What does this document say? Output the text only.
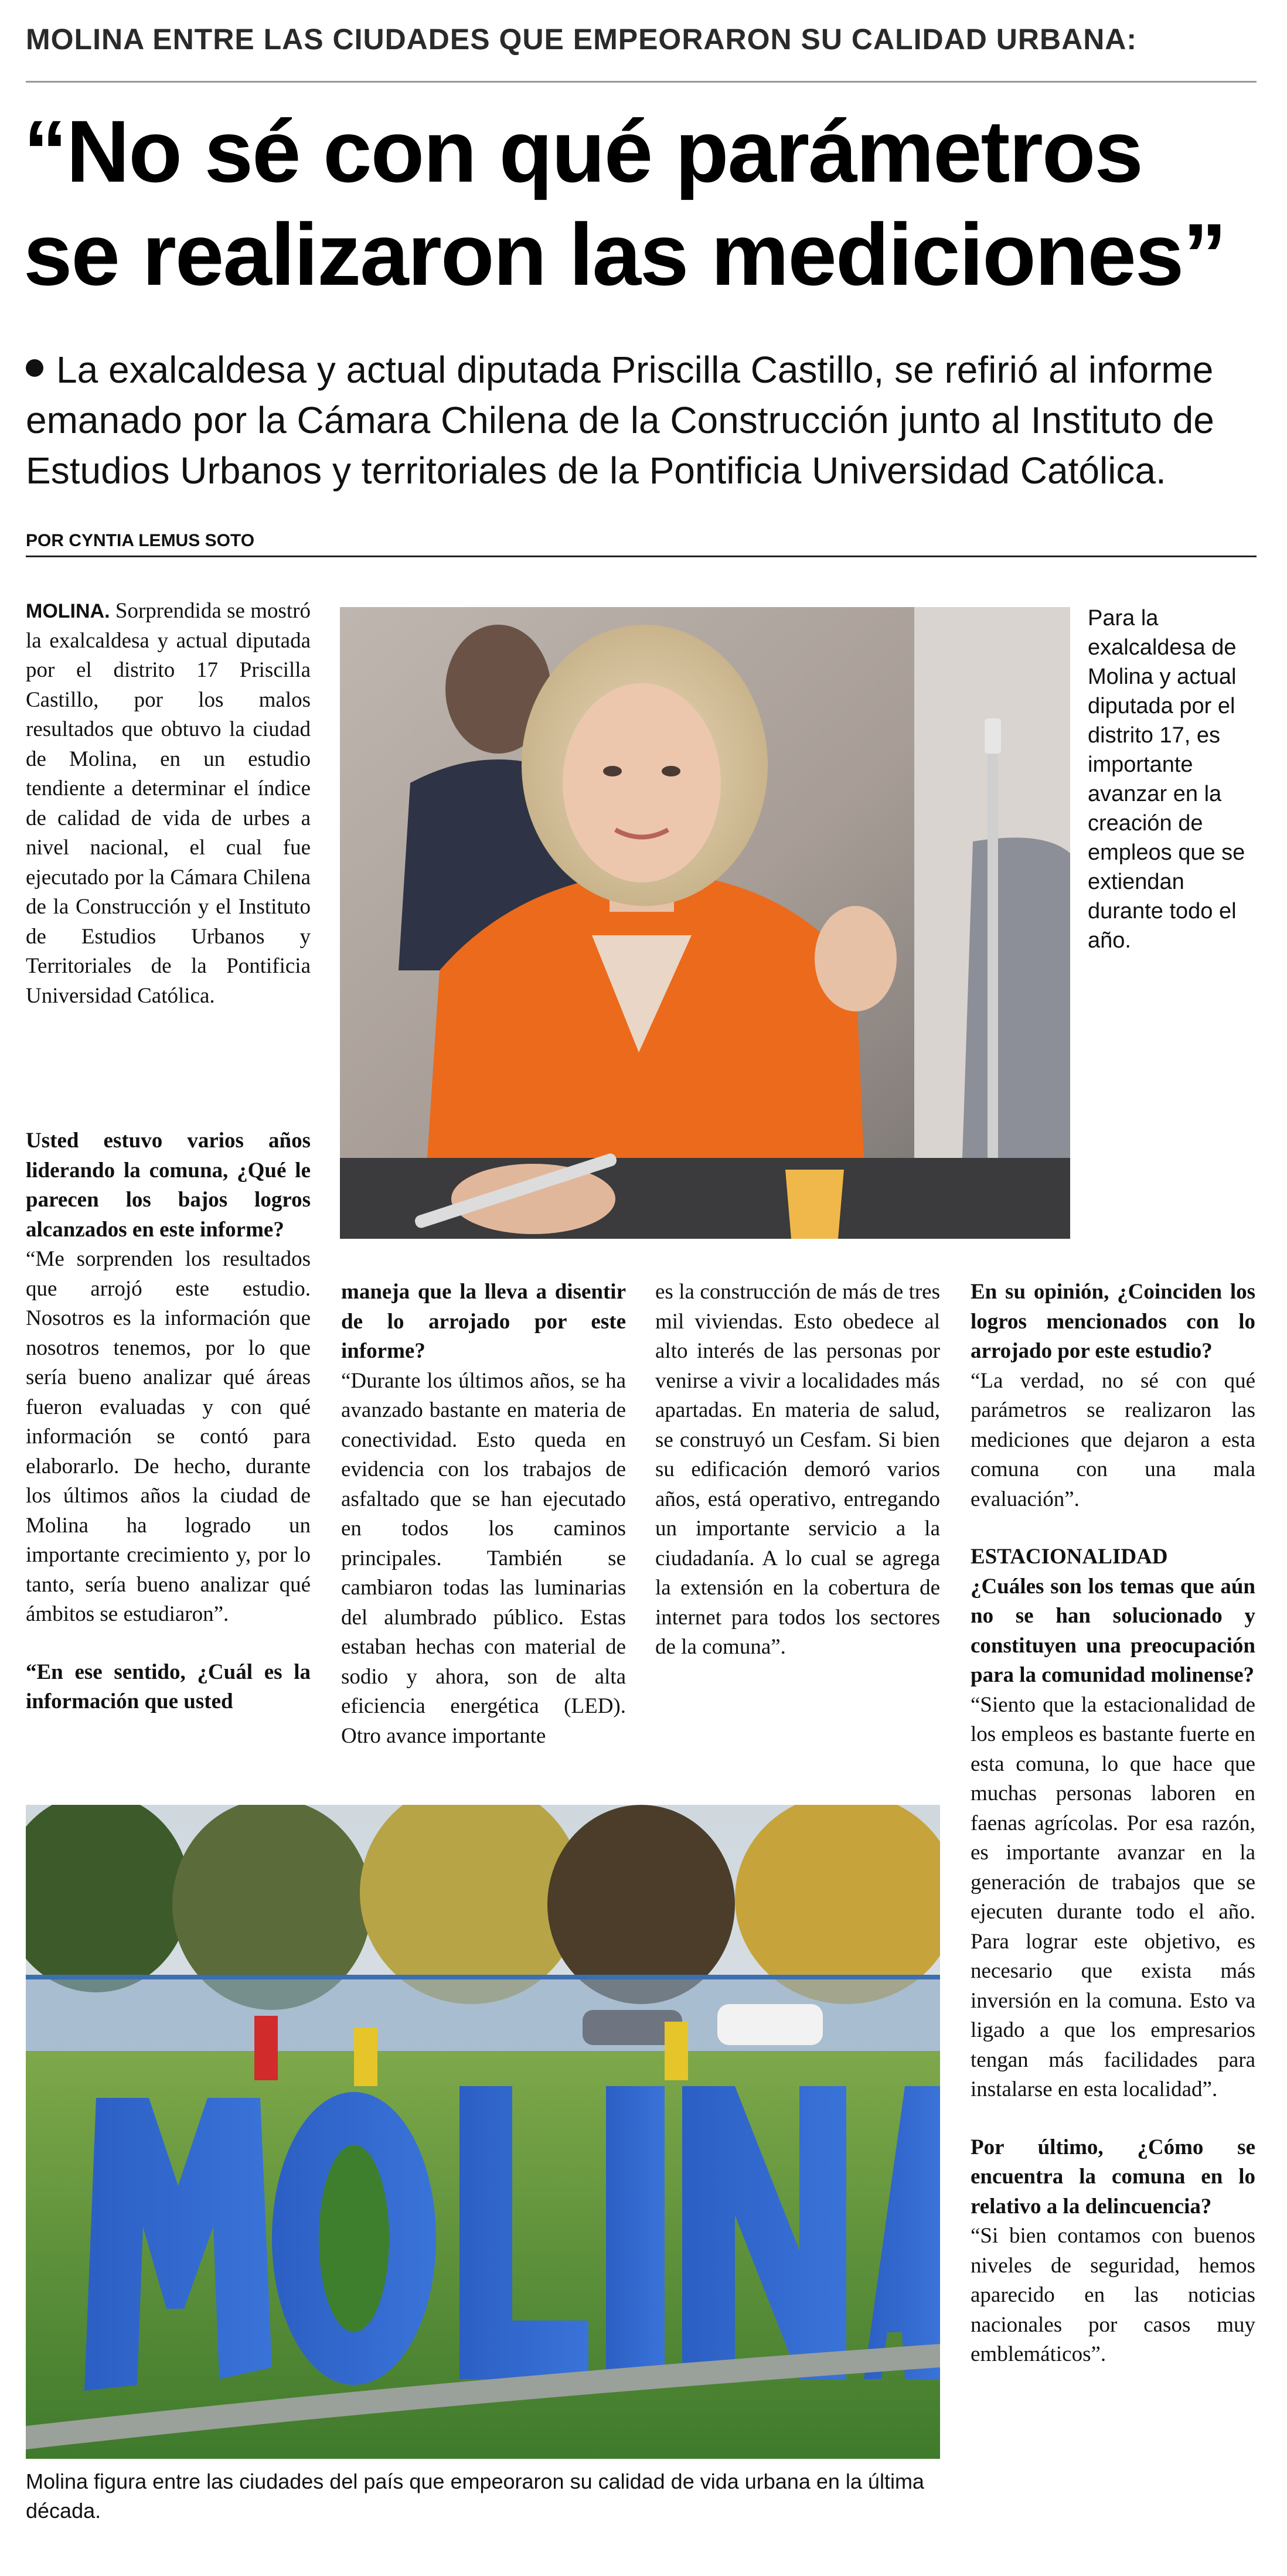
MOLINA ENTRE LAS CIUDADES QUE EMPEORARON SU CALIDAD URBANA:
“No sé con qué parámetros
se realizaron las mediciones”
La exalcaldesa y actual diputada Priscilla Castillo, se refirió al informe emanado por la Cámara Chilena de la Construcción junto al Instituto de Estudios Urbanos y territoriales de la Pontificia Universidad Católica.
POR CYNTIA LEMUS SOTO

MOLINA. Sorprendida se mostró la exalcaldesa y actual diputada por el distrito 17 Priscilla Castillo, por los malos resultados que obtuvo la ciudad de Molina, en un estudio tendiente a determinar el índice de calidad de vida de urbes a nivel nacional, el cual fue ejecutado por la Cámara Chilena de la Construcción y el Instituto de Estudios Urbanos y Territoriales de la Pontificia Universidad Católica.

Para la exalcaldesa de Molina y actual diputada por el distrito 17, es importante avanzar en la creación de empleos que se extiendan durante todo el año.

Usted estuvo varios años liderando la comuna, ¿Qué le parecen los bajos logros alcanzados en este informe?

“Me sorprenden los resultados que arrojó este estudio. Nosotros es la información que nosotros tenemos, por lo que sería bueno analizar qué áreas fueron evaluadas y con qué información se contó para elaborarlo. De hecho, durante los últimos años la ciudad de Molina ha logrado un importante crecimiento y, por lo tanto, sería bueno analizar qué ámbitos se estudiaron”.

“En ese sentido, ¿Cuál es la información que usted

maneja que la lleva a disentir de lo arrojado por este informe?

“Durante los últimos años, se ha avanzado bastante en materia de conectividad. Esto queda en evidencia con los trabajos de asfaltado que se han ejecutado en todos los caminos principales. También se cambiaron todas las luminarias del alumbrado público. Estas estaban hechas con material de sodio y ahora, son de alta eficiencia energética (LED). Otro avance importante

es la construcción de más de tres mil viviendas. Esto obedece al alto interés de las personas por venirse a vivir a localidades más apartadas. En materia de salud, se construyó un Cesfam. Si bien su edificación demoró varios años, está operativo, entregando un importante servicio a la ciudadanía. A lo cual se agrega la extensión en la cobertura de internet para todos los sectores de la comuna”.

En su opinión, ¿Coinciden los logros mencionados con lo arrojado por este estudio?

“La verdad, no sé con qué parámetros se realizaron las mediciones que dejaron a esta comuna con una mala evaluación”.

ESTACIONALIDAD

¿Cuáles son los temas que aún no se han solucionado y constituyen una preocupación para la comunidad molinense?

“Siento que la estacionalidad de los empleos es bastante fuerte en esta comuna, lo que hace que muchas personas laboren en faenas agrícolas. Por esa razón, es importante avanzar en la generación de trabajos que se ejecuten durante todo el año. Para lograr este objetivo, es necesario que exista más inversión en la comuna. Esto va ligado a que los empresarios tengan más facilidades para instalarse en esta localidad”.

Por último, ¿Cómo se encuentra la comuna en lo relativo a la delincuencia?

“Si bien contamos con buenos niveles de seguridad, hemos aparecido en las noticias nacionales por casos muy emblemáticos”.

Molina figura entre las ciudades del país que empeoraron su calidad de vida urbana en la última década.
